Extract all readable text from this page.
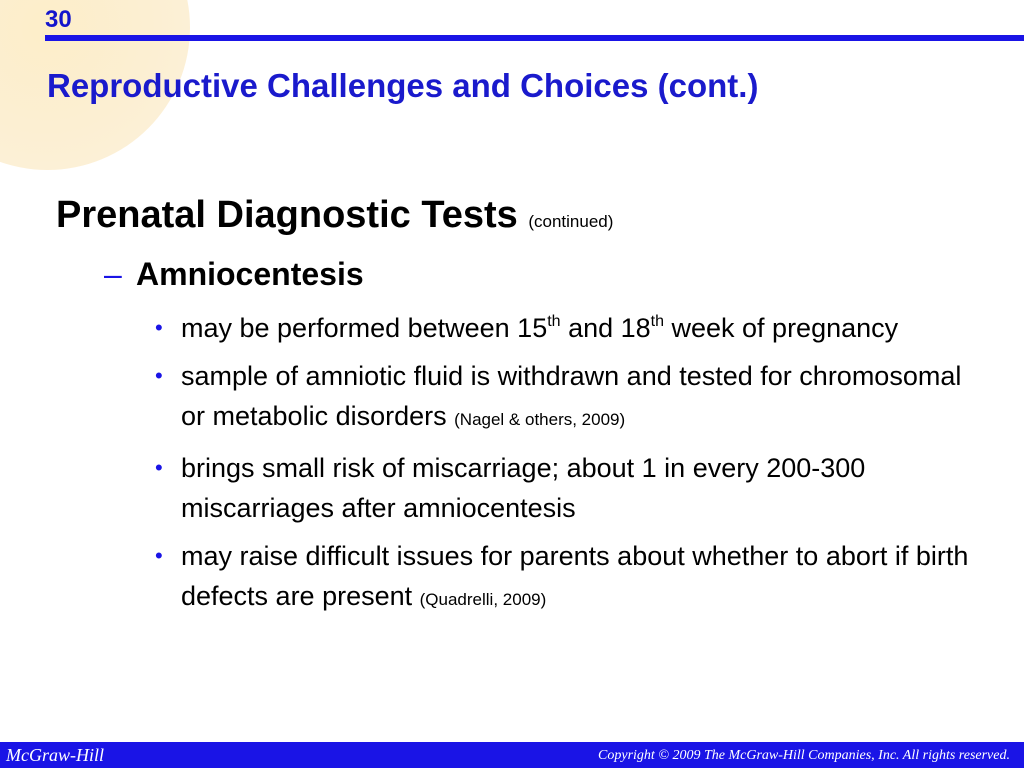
30
Reproductive Challenges and Choices (cont.)
Prenatal Diagnostic Tests (continued)
– Amniocentesis
• may be performed between 15th and 18th week of pregnancy
• sample of amniotic fluid is withdrawn and tested for chromosomal or metabolic disorders (Nagel & others, 2009)
• brings small risk of miscarriage; about 1 in every 200-300 miscarriages after amniocentesis
• may raise difficult issues for parents about whether to abort if birth defects are present (Quadrelli, 2009)
McGraw-Hill	Copyright © 2009 The McGraw-Hill Companies, Inc. All rights reserved.
